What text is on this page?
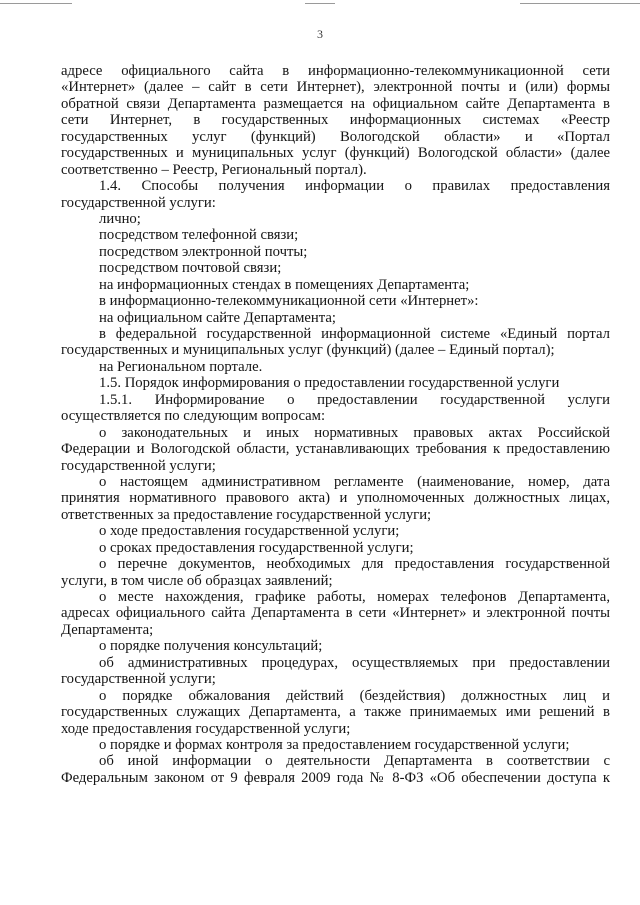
3
адресе официального сайта в информационно-телекоммуникационной сети
«Интернет» (далее – сайт в сети Интернет), электронной почты и (или) формы
обратной связи Департамента размещается на официальном сайте Департамента в
сети Интернет, в государственных информационных системах «Реестр
государственных услуг (функций) Вологодской области» и «Портал
государственных и муниципальных услуг (функций) Вологодской области» (далее
соответственно – Реестр, Региональный портал).
1.4. Способы получения информации о правилах предоставления
государственной услуги:
лично;
посредством телефонной связи;
посредством электронной почты;
посредством почтовой связи;
на информационных стендах в помещениях Департамента;
в информационно-телекоммуникационной сети «Интернет»:
на официальном сайте Департамента;
в федеральной государственной информационной системе «Единый портал
государственных и муниципальных услуг (функций) (далее – Единый портал);
на Региональном портале.
1.5. Порядок информирования о предоставлении государственной услуги
1.5.1. Информирование о предоставлении государственной услуги
осуществляется по следующим вопросам:
о законодательных и иных нормативных правовых актах Российской
Федерации и Вологодской области, устанавливающих требования к предоставлению
государственной услуги;
о настоящем административном регламенте (наименование, номер, дата
принятия нормативного правового акта) и уполномоченных должностных лицах,
ответственных за предоставление государственной услуги;
о ходе предоставления государственной услуги;
о сроках предоставления государственной услуги;
о перечне документов, необходимых для предоставления государственной
услуги, в том числе об образцах заявлений;
о месте нахождения, графике работы, номерах телефонов Департамента,
адресах официального сайта Департамента в сети «Интернет» и электронной почты
Департамента;
о порядке получения консультаций;
об административных процедурах, осуществляемых при предоставлении
государственной услуги;
о порядке обжалования действий (бездействия) должностных лиц и
государственных служащих Департамента, а также принимаемых ими решений в
ходе предоставления государственной услуги;
о порядке и формах контроля за предоставлением государственной услуги;
об иной информации о деятельности Департамента в соответствии с
Федеральным законом от 9 февраля 2009 года № 8-ФЗ «Об обеспечении доступа к
